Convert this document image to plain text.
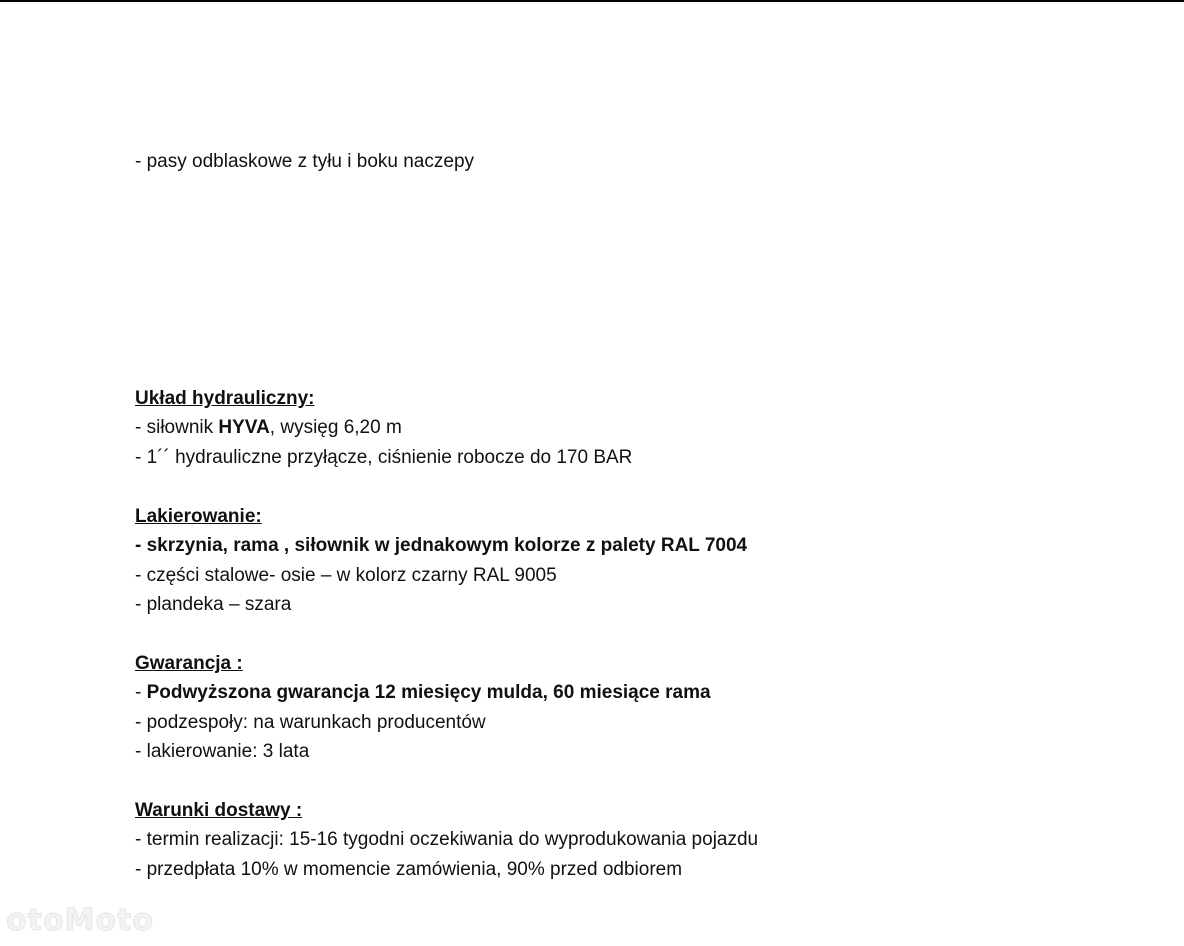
- pasy odblaskowe z tyłu i boku naczepy
Układ hydrauliczny:
- siłownik HYVA, wysięg 6,20 m
- 1´´ hydrauliczne przyłącze, ciśnienie robocze do 170 BAR
Lakierowanie:
- skrzynia, rama , siłownik w jednakowym kolorze z palety RAL 7004
- części stalowe- osie – w kolorz czarny RAL 9005
- plandeka – szara
Gwarancja :
- Podwyższona gwarancja 12 miesięcy mulda, 60 miesiące rama
- podzespoły: na warunkach producentów
- lakierowanie: 3 lata
Warunki dostawy :
- termin realizacji: 15-16 tygodni oczekiwania do wyprodukowania pojazdu
- przedpłata 10% w momencie zamówienia, 90% przed odbiorem
otoMoto
